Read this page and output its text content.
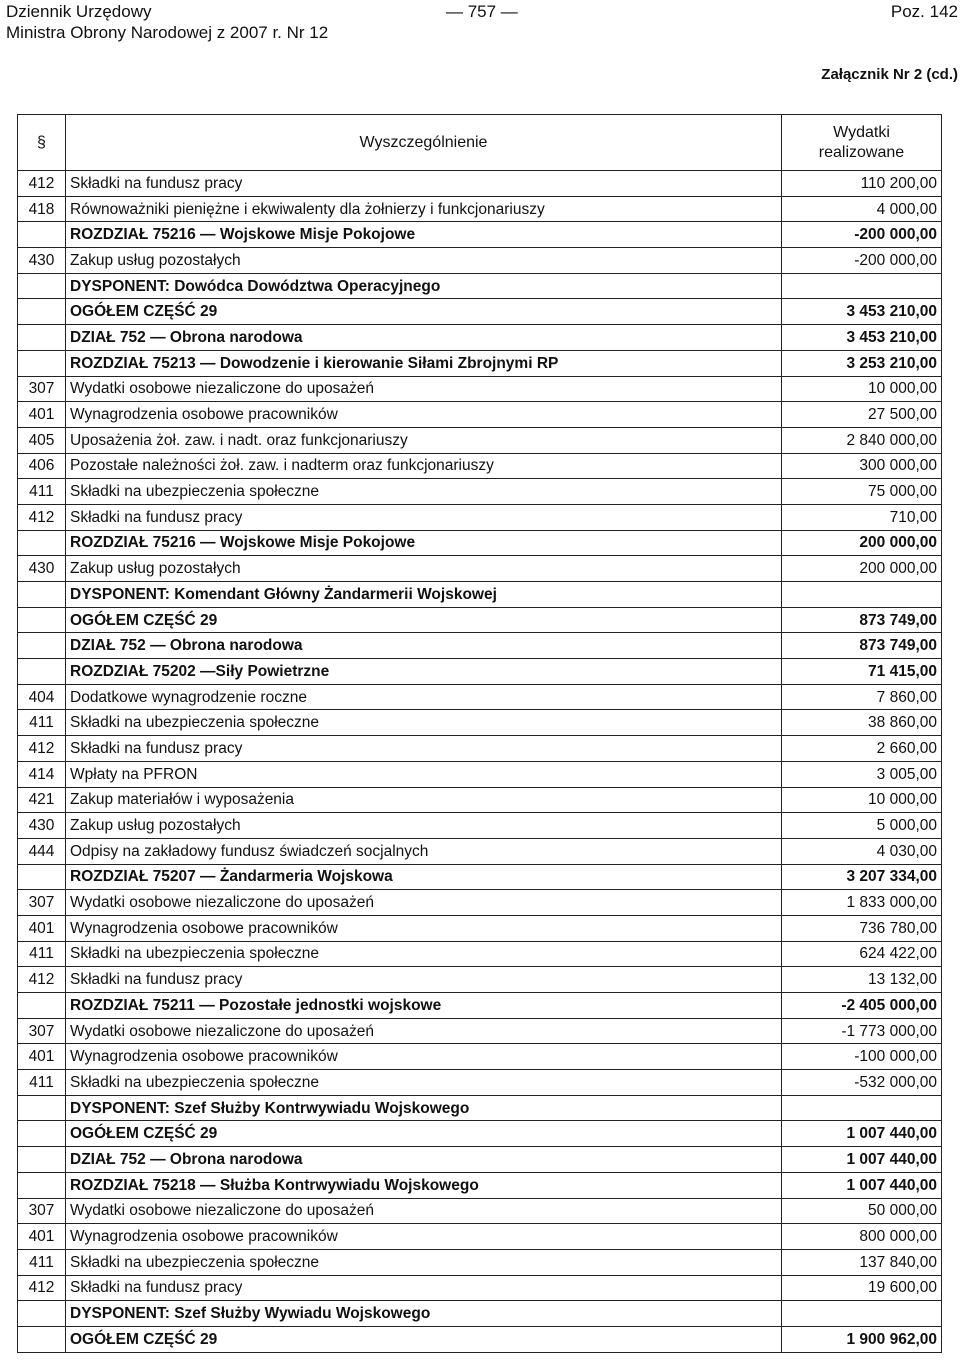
Dziennik Urzędowy
Ministra Obrony Narodowej z 2007 r. Nr 12
— 757 —	Poz. 142
Załącznik Nr 2 (cd.)
§	Wyszczególnienie	Wydatki
realizowane
412	Składki na fundusz pracy	110 200,00
418	Równoważniki pieniężne i ekwiwalenty dla żołnierzy i funkcjonariuszy	4 000,00
	ROZDZIAŁ 75216 — Wojskowe Misje Pokojowe	-200 000,00
430	Zakup usług pozostałych	-200 000,00
	DYSPONENT: Dowódca Dowództwa Operacyjnego	
	OGÓŁEM CZĘŚĆ 29	3 453 210,00
	DZIAŁ 752 — Obrona narodowa	3 453 210,00
	ROZDZIAŁ 75213 — Dowodzenie i kierowanie Siłami Zbrojnymi RP	3 253 210,00
307	Wydatki osobowe niezaliczone do uposażeń	10 000,00
401	Wynagrodzenia osobowe pracowników	27 500,00
405	Uposażenia żoł. zaw. i nadt. oraz funkcjonariuszy	2 840 000,00
406	Pozostałe należności żoł. zaw. i nadterm oraz funkcjonariuszy	300 000,00
411	Składki na ubezpieczenia społeczne	75 000,00
412	Składki na fundusz pracy	710,00
	ROZDZIAŁ 75216 — Wojskowe Misje Pokojowe	200 000,00
430	Zakup usług pozostałych	200 000,00
	DYSPONENT: Komendant Główny Żandarmerii Wojskowej	
	OGÓŁEM CZĘŚĆ 29	873 749,00
	DZIAŁ 752 — Obrona narodowa	873 749,00
	ROZDZIAŁ 75202 —Siły Powietrzne	71 415,00
404	Dodatkowe wynagrodzenie roczne	7 860,00
411	Składki na ubezpieczenia społeczne	38 860,00
412	Składki na fundusz pracy	2 660,00
414	Wpłaty na PFRON	3 005,00
421	Zakup materiałów i wyposażenia	10 000,00
430	Zakup usług pozostałych	5 000,00
444	Odpisy na zakładowy fundusz świadczeń socjalnych	4 030,00
	ROZDZIAŁ 75207 — Żandarmeria Wojskowa	3 207 334,00
307	Wydatki osobowe niezaliczone do uposażeń	1 833 000,00
401	Wynagrodzenia osobowe pracowników	736 780,00
411	Składki na ubezpieczenia społeczne	624 422,00
412	Składki na fundusz pracy	13 132,00
	ROZDZIAŁ 75211 — Pozostałe jednostki wojskowe	-2 405 000,00
307	Wydatki osobowe niezaliczone do uposażeń	-1 773 000,00
401	Wynagrodzenia osobowe pracowników	-100 000,00
411	Składki na ubezpieczenia społeczne	-532 000,00
	DYSPONENT: Szef Służby Kontrwywiadu Wojskowego	
	OGÓŁEM CZĘŚĆ 29	1 007 440,00
	DZIAŁ 752 — Obrona narodowa	1 007 440,00
	ROZDZIAŁ 75218 — Służba Kontrwywiadu Wojskowego	1 007 440,00
307	Wydatki osobowe niezaliczone do uposażeń	50 000,00
401	Wynagrodzenia osobowe pracowników	800 000,00
411	Składki na ubezpieczenia społeczne	137 840,00
412	Składki na fundusz pracy	19 600,00
	DYSPONENT: Szef Służby Wywiadu Wojskowego	
	OGÓŁEM CZĘŚĆ 29	1 900 962,00
